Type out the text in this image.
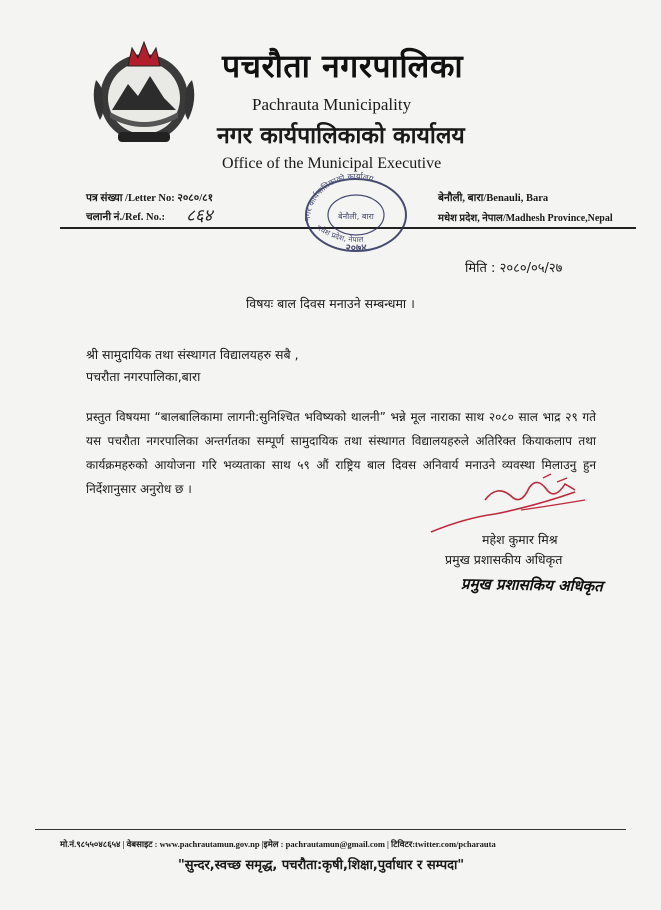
पचरौता नगरपालिका
Pachrauta Municipality
नगर कार्यपालिकाको कार्यालय
Office of the Municipal Executive
पत्र संख्या /Letter No: २०८०/८१
चलानी नं./Ref. No.: ८६४
बेनौली, बारा/Benauli, Bara
मधेश प्रदेश, नेपाल/Madhesh Province,Nepal
नगर कार्यपालिकाको कार्यालय
बेनौली, बारा
मधेश प्रदेश, नेपाल
२०७४
मिति : २०८०/०५/२७
विषयः बाल दिवस मनाउने सम्बन्धमा ।
श्री सामुदायिक तथा संस्थागत विद्यालयहरु सबै ,
पचरौता नगरपालिका,बारा
प्रस्तुत विषयमा “बालबालिकामा लागनी:सुनिश्चित भविष्यको थालनी” भन्ने मूल नाराका साथ २०८० साल भाद्र २९ गते यस पचरौता नगरपालिका अन्तर्गतका सम्पूर्ण सामुदायिक तथा संस्थागत विद्यालयहरुले अतिरिक्त कियाकलाप तथा कार्यक्रमहरुको आयोजना गरि भव्यताका साथ ५९ औं राष्ट्रिय बाल दिवस अनिवार्य मनाउने व्यवस्था मिलाउनु हुन निर्देशानुसार अनुरोध छ ।
महेश कुमार मिश्र
प्रमुख प्रशासकीय अधिकृत
प्रमुख प्रशासकिय अधिकृत
मो.नं.९८५५०४८६५४ | वेबसाइट : www.pachrautamun.gov.np |इमेल : pachrautamun@gmail.com | टिविटर:twitter.com/pcharauta
"सुन्दर,स्वच्छ समृद्ध, पचरौता:कृषी,शिक्षा,पुर्वाधार र सम्पदा"
